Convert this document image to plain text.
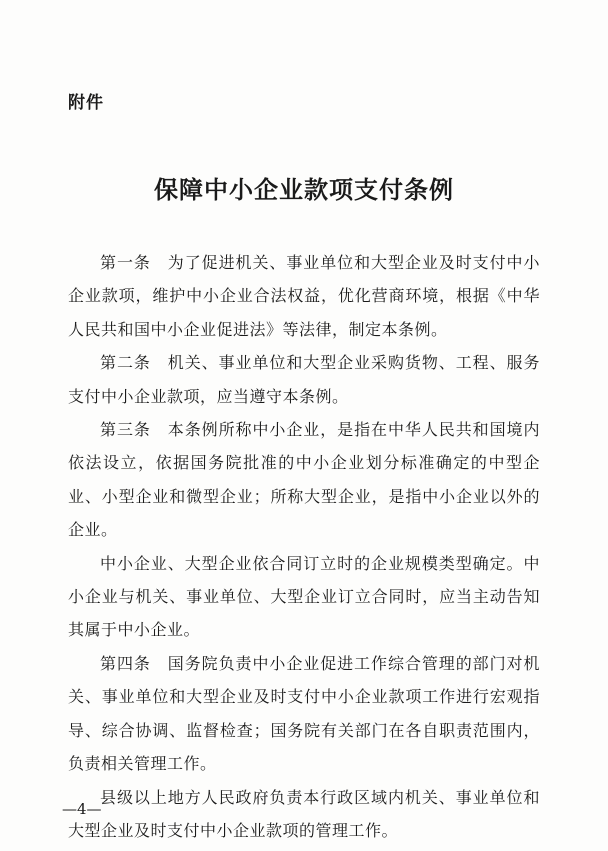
附件
保障中小企业款项支付条例

第一条　为了促进机关、事业单位和大型企业及时支付中小企业款项，维护中小企业合法权益，优化营商环境，根据《中华人民共和国中小企业促进法》等法律，制定本条例。

第二条　机关、事业单位和大型企业采购货物、工程、服务支付中小企业款项，应当遵守本条例。

第三条　本条例所称中小企业，是指在中华人民共和国境内依法设立，依据国务院批准的中小企业划分标准确定的中型企业、小型企业和微型企业；所称大型企业，是指中小企业以外的企业。

中小企业、大型企业依合同订立时的企业规模类型确定。中小企业与机关、事业单位、大型企业订立合同时，应当主动告知其属于中小企业。

第四条　国务院负责中小企业促进工作综合管理的部门对机关、事业单位和大型企业及时支付中小企业款项工作进行宏观指导、综合协调、监督检查；国务院有关部门在各自职责范围内，负责相关管理工作。

县级以上地方人民政府负责本行政区域内机关、事业单位和大型企业及时支付中小企业款项的管理工作。

—4—
